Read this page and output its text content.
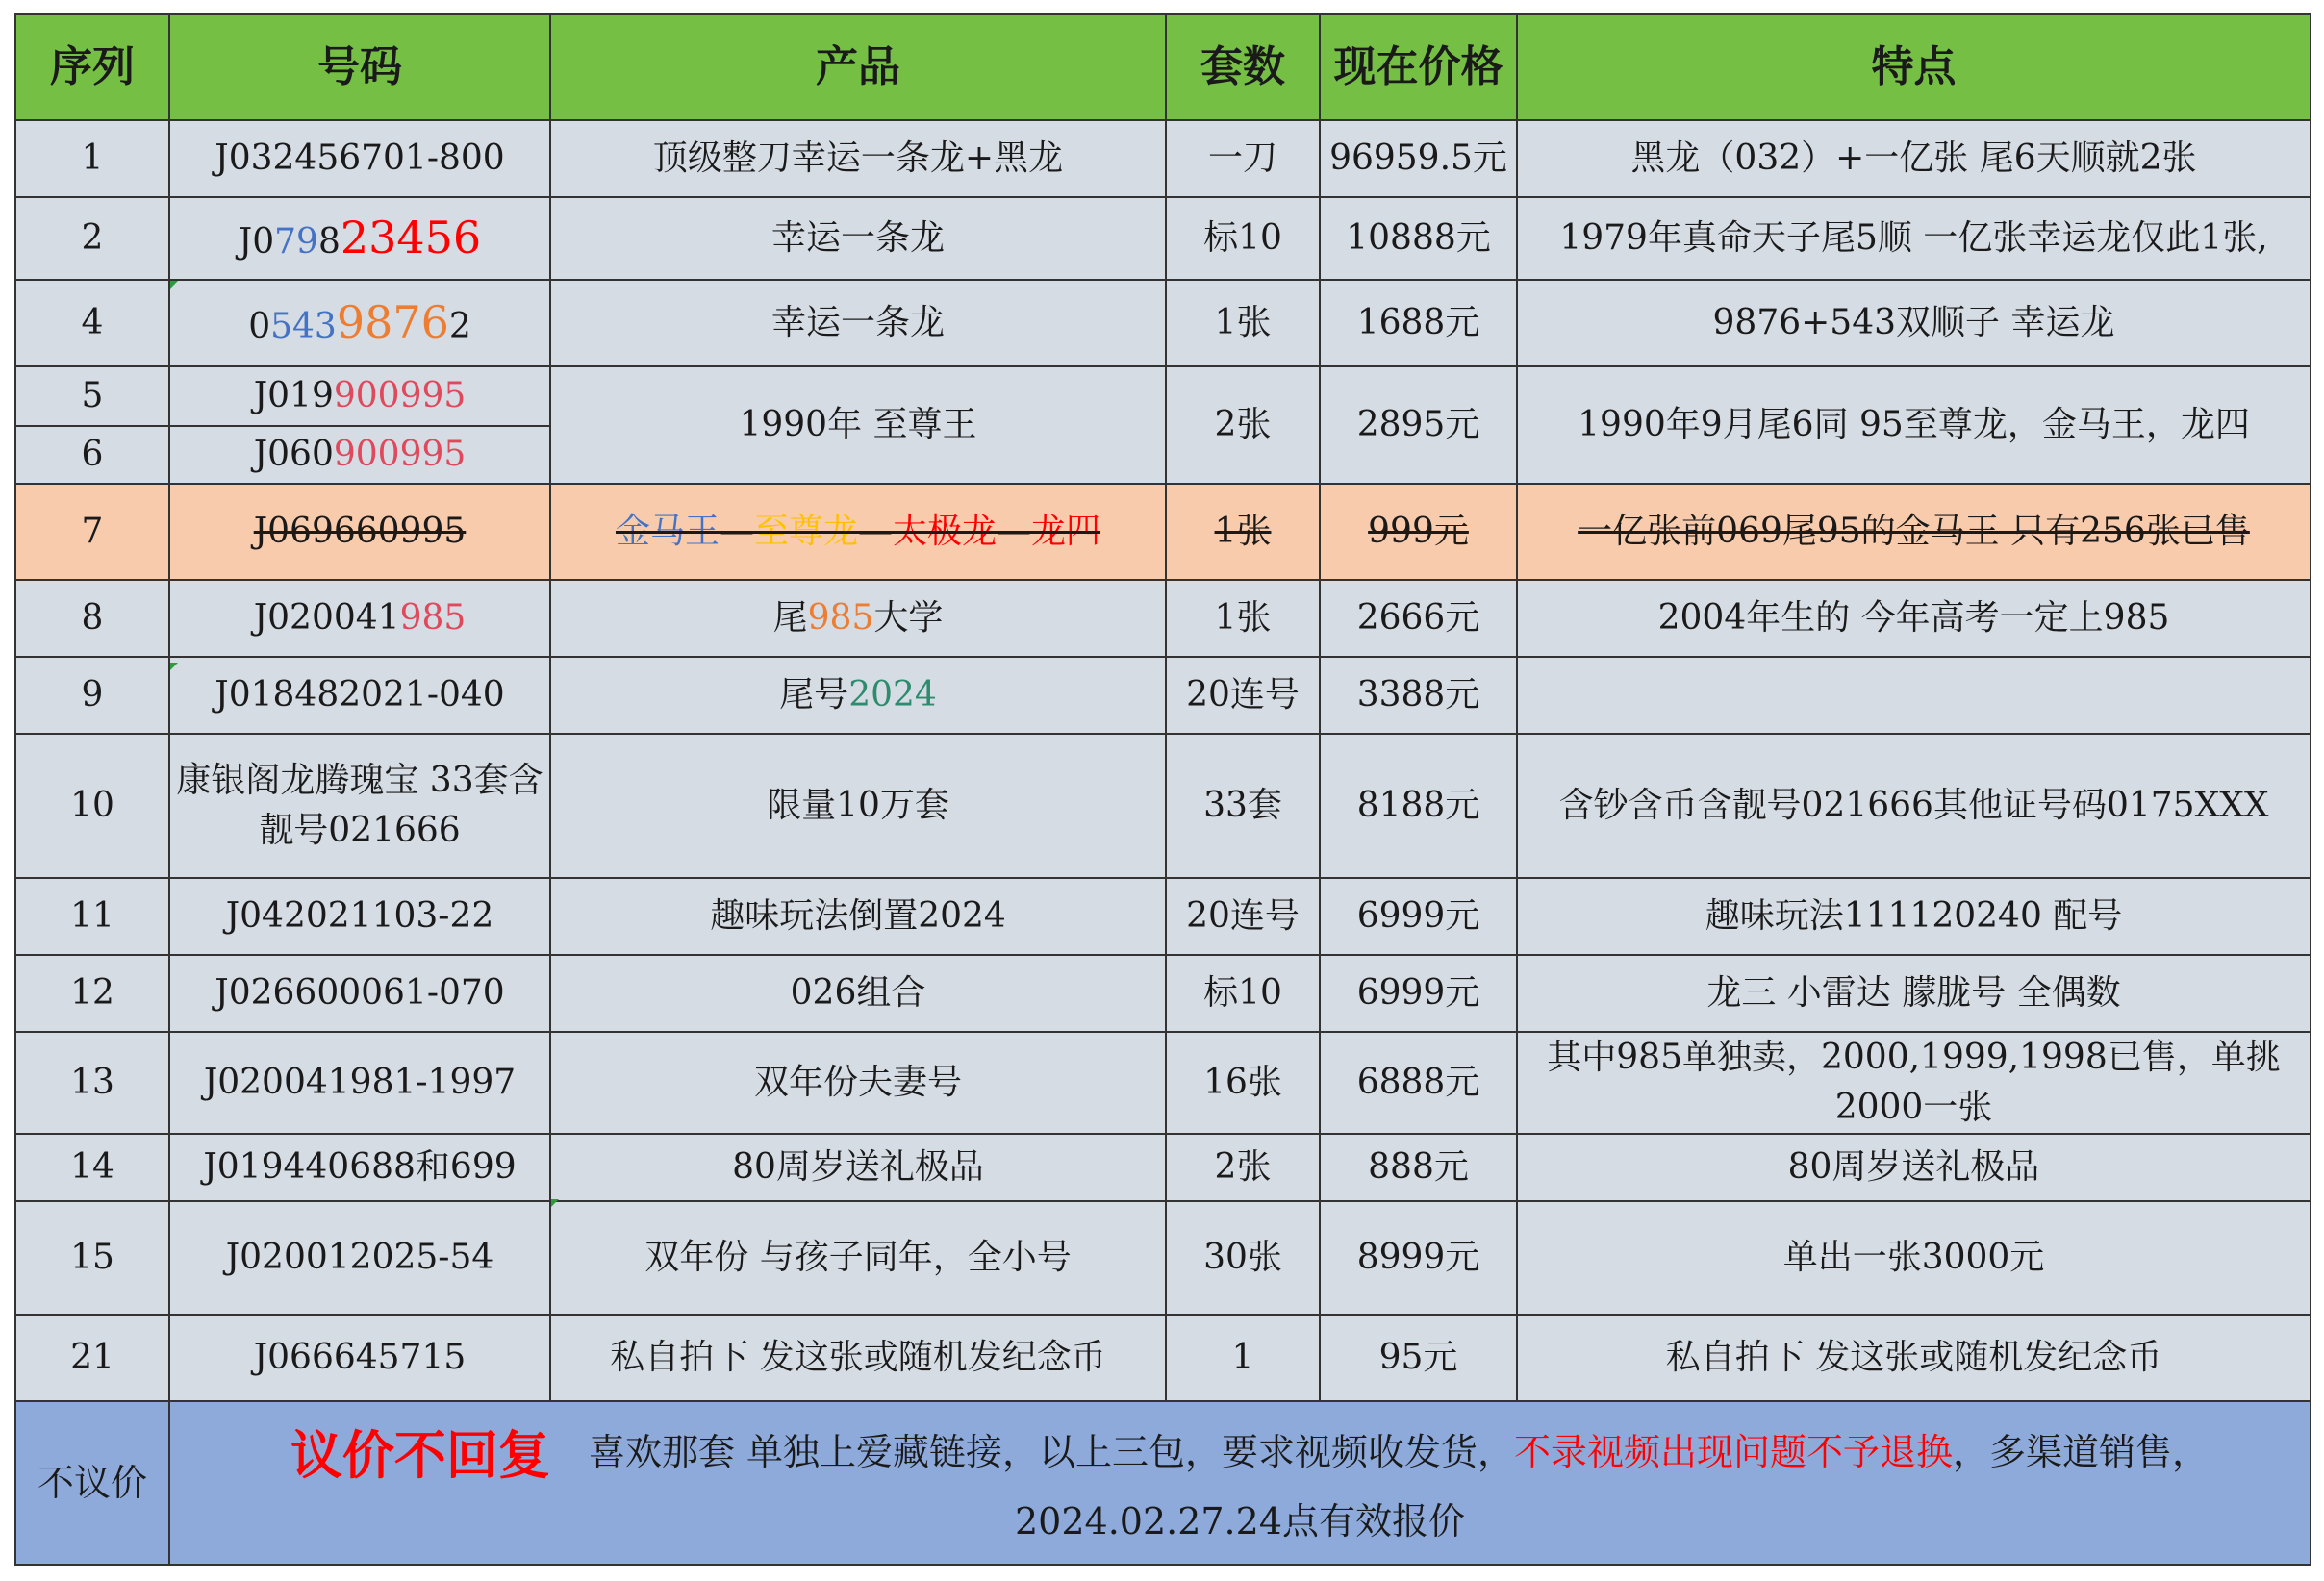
序列	号码	产品	套数	现在价格	特点
1	J032456701-800	顶级整刀幸运一条龙+黑龙	一刀	96959.5元	黑龙（032）+一亿张 尾6天顺就2张
2	J079823456	幸运一条龙	标10	10888元	1979年真命天子尾5顺 一亿张幸运龙仅此1张,
4	054398762	幸运一条龙	1张	1688元	9876+543双顺子 幸运龙
5	J019900995	1990年 至尊王	2张	2895元	1990年9月尾6同 95至尊龙，金马王，龙四
6	J060900995				
7	J069660995	金马王—至尊龙—太极龙—龙四	1张	999元	一亿张前069尾95的金马王 只有256张已售
8	J020041985	尾985大学	1张	2666元	2004年生的 今年高考一定上985
9	J018482021-040	尾号2024	20连号	3388元	
10	康银阁龙腾瑰宝 33套含靓号021666	限量10万套	33套	8188元	含钞含币含靓号021666其他证号码0175XXX
11	J042021103-22	趣味玩法倒置2024	20连号	6999元	趣味玩法111120240 配号
12	J026600061-070	026组合	标10	6999元	龙三 小雷达 朦胧号 全偶数
13	J020041981-1997	双年份夫妻号	16张	6888元	其中985单独卖，2000,1999,1998已售，单挑2000一张
14	J019440688和699	80周岁送礼极品	2张	888元	80周岁送礼极品
15	J020012025-54	双年份 与孩子同年，全小号	30张	8999元	单出一张3000元
21	J066645715	私自拍下 发这张或随机发纪念币	1	95元	私自拍下 发这张或随机发纪念币
不议价	议价不回复 喜欢那套 单独上爱藏链接，以上三包，要求视频收发货，不录视频出现问题不予退换，多渠道销售， 2024.02.27.24点有效报价				
